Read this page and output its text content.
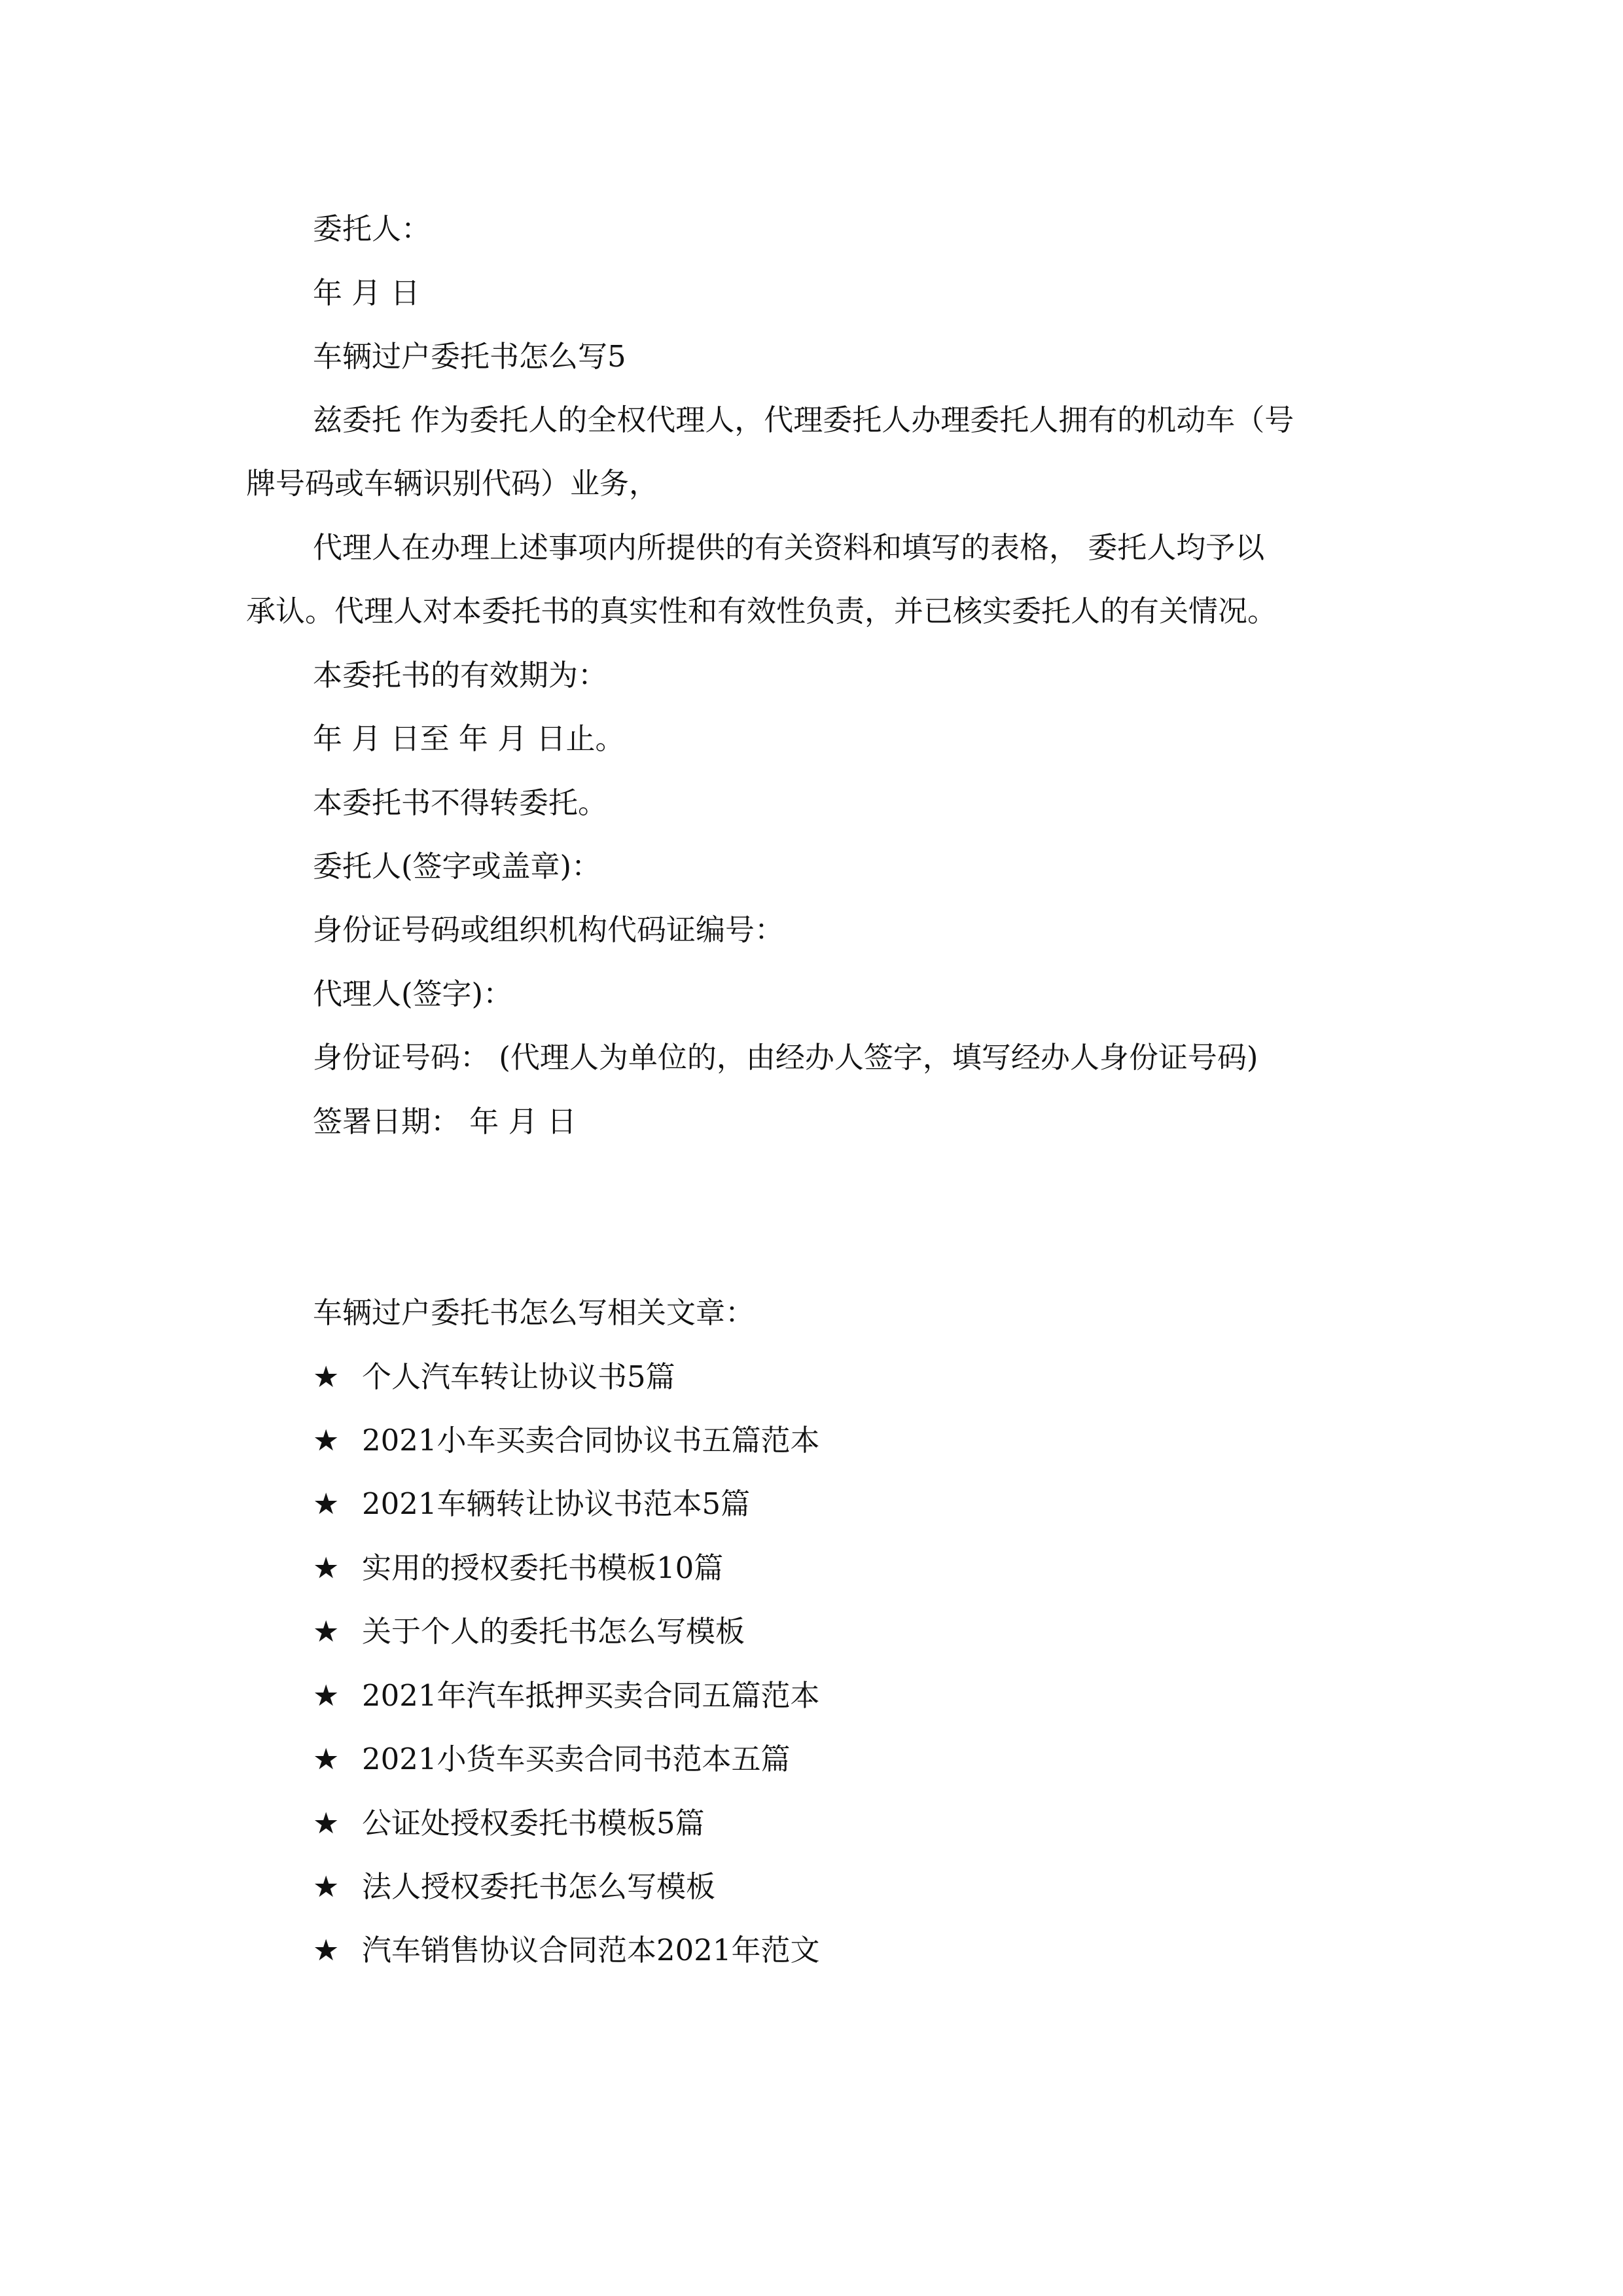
委托人：
年 月 日
车辆过户委托书怎么写5
兹委托 作为委托人的全权代理人，代理委托人办理委托人拥有的机动车（号
牌号码或车辆识别代码）业务，
代理人在办理上述事项内所提供的有关资料和填写的表格， 委托人均予以
承认。代理人对本委托书的真实性和有效性负责，并已核实委托人的有关情况。
本委托书的有效期为：
年 月 日至 年 月 日止。
本委托书不得转委托。
委托人(签字或盖章)：
身份证号码或组织机构代码证编号：
代理人(签字)：
身份证号码： (代理人为单位的，由经办人签字，填写经办人身份证号码)
签署日期： 年 月 日
车辆过户委托书怎么写相关文章：
★ 个人汽车转让协议书5篇
★ 2021小车买卖合同协议书五篇范本
★ 2021车辆转让协议书范本5篇
★ 实用的授权委托书模板10篇
★ 关于个人的委托书怎么写模板
★ 2021年汽车抵押买卖合同五篇范本
★ 2021小货车买卖合同书范本五篇
★ 公证处授权委托书模板5篇
★ 法人授权委托书怎么写模板
★ 汽车销售协议合同范本2021年范文
